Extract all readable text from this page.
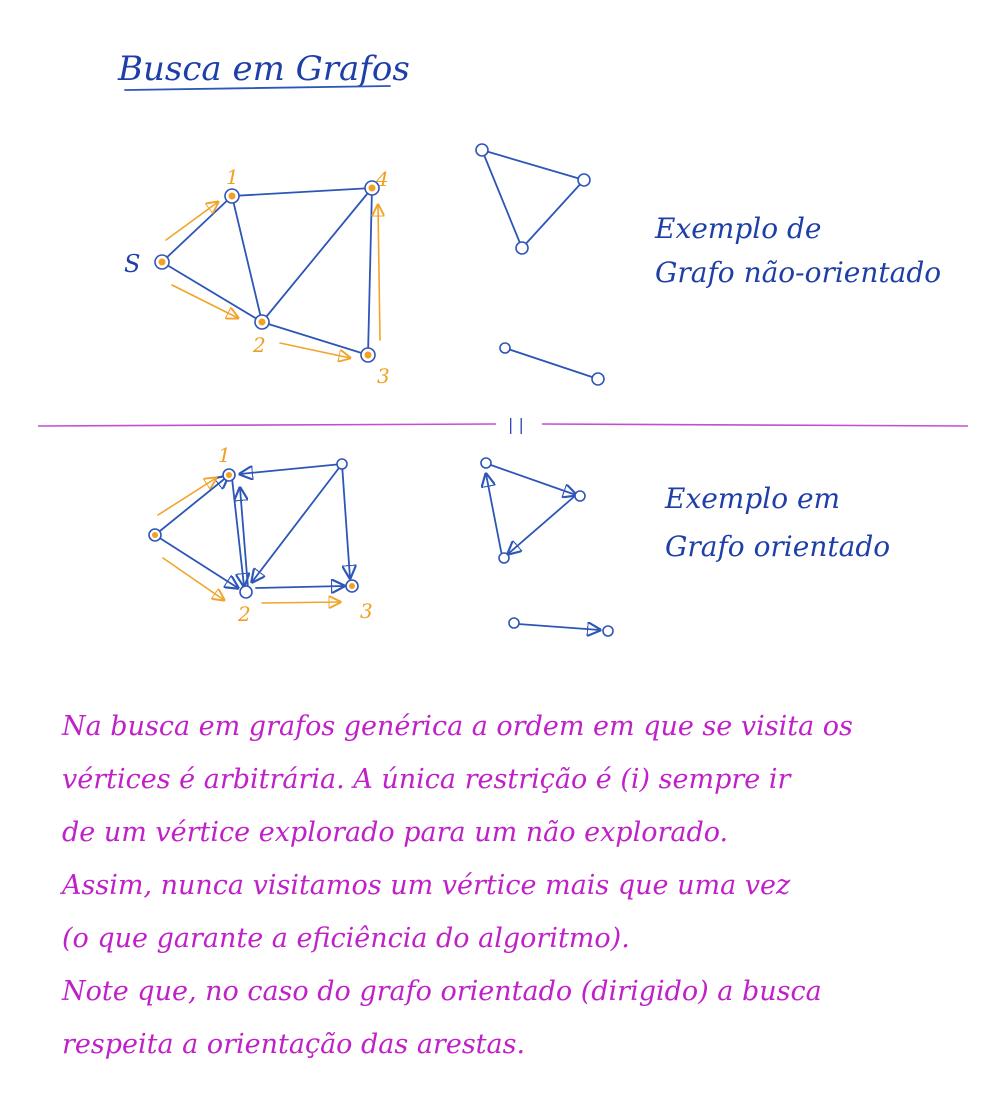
Busca em Grafos
S
1
2
3
4
Exemplo de
Grafo não-orientado
| |
1
2	3
Exemplo em
Grafo orientado
Na busca em grafos genérica a ordem em que se visita os
vértices é arbitrária. A única restrição é (i) sempre ir
de um vértice explorado para um não explorado.
Assim, nunca visitamos um vértice mais que uma vez
(o que garante a eficiência do algoritmo).
Note que, no caso do grafo orientado (dirigido) a busca
respeita a orientação das arestas.
